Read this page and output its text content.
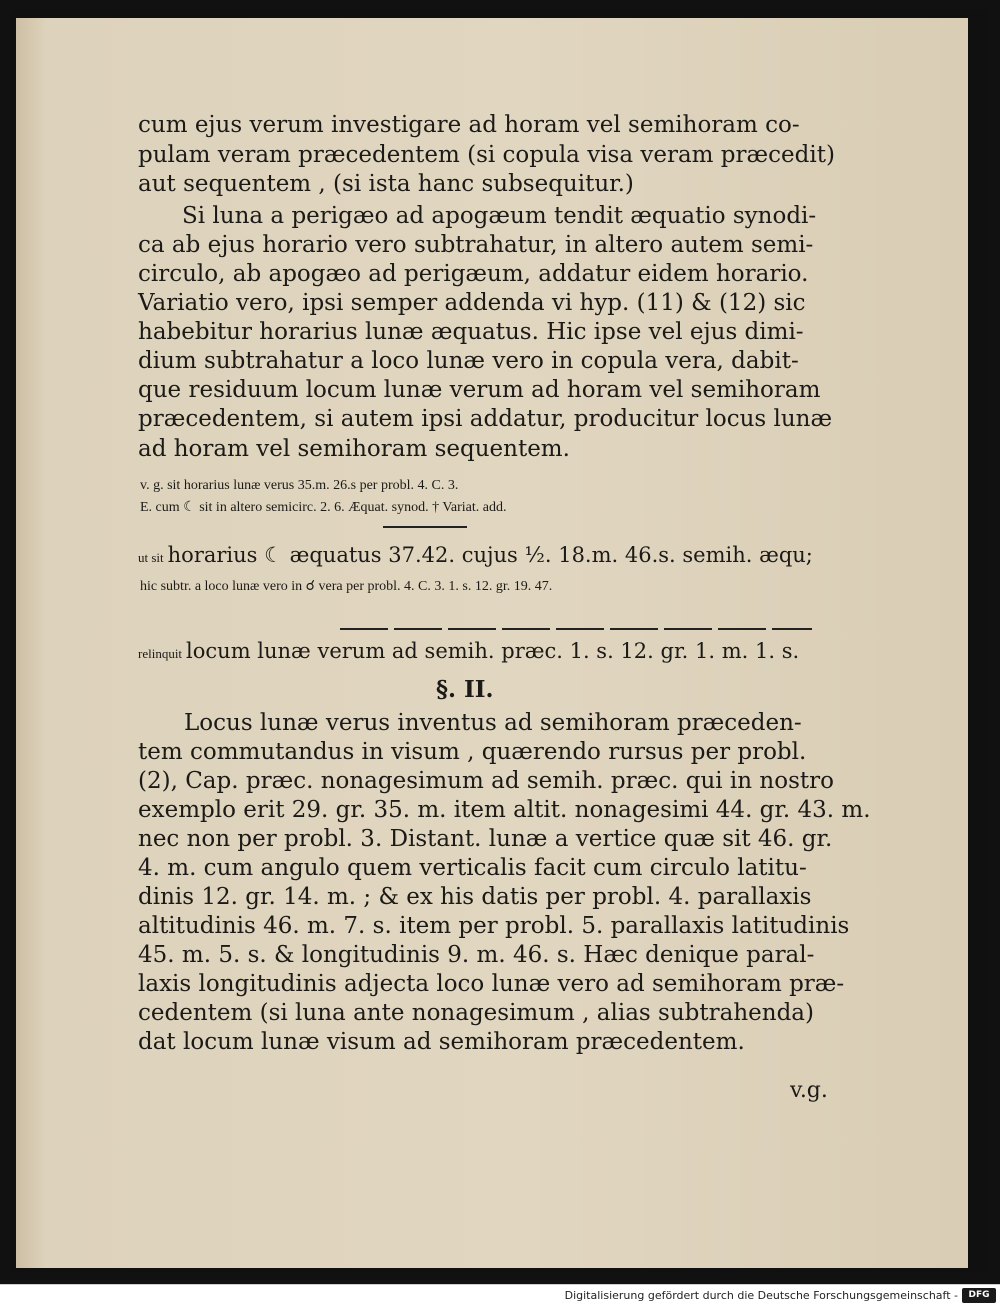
cum ejus verum investigare ad horam vel semihoram co-
pulam veram præcedentem (si copula visa veram præcedit)
aut sequentem , (si ista hanc subsequitur.)
Si luna a perigæo ad apogæum tendit æquatio synodi-
ca ab ejus horario vero subtrahatur, in altero autem semi-
circulo, ab apogæo ad perigæum, addatur eidem horario.
Variatio vero, ipsi semper addenda vi hyp. (11) & (12) sic
habebitur horarius lunæ æquatus. Hic ipse vel ejus dimi-
dium subtrahatur a loco lunæ vero in copula vera, dabit-
que residuum locum lunæ verum ad horam vel semihoram
præcedentem, si autem ipsi addatur, producitur locus lunæ
ad horam vel semihoram sequentem.
v. g. sit horarius lunæ verus 35.m. 26.s per probl. 4. C. 3.
E. cum ☾ sit in altero semicirc. 2. 6. Æquat. synod. † Variat. add.
ut sit horarius ☾ æquatus 37.42. cujus ½. 18.m. 46.s. semih. æqu;
hic subtr. a loco lunæ vero in ☌ vera per probl. 4. C. 3. 1. s. 12. gr. 19. 47.
relinquit locum lunæ verum ad semih. præc. 1. s. 12. gr. 1. m. 1. s.
§. II.
Locus lunæ verus inventus ad semihoram præceden-
tem commutandus in visum , quærendo rursus per probl.
(2), Cap. præc. nonagesimum ad semih. præc. qui in nostro
exemplo erit 29. gr. 35. m. item altit. nonagesimi 44. gr. 43. m.
nec non per probl. 3. Distant. lunæ a vertice quæ sit 46. gr.
4. m. cum angulo quem verticalis facit cum circulo latitu-
dinis 12. gr. 14. m. ; & ex his datis per probl. 4. parallaxis
altitudinis 46. m. 7. s. item per probl. 5. parallaxis latitudinis
45. m. 5. s. & longitudinis 9. m. 46. s. Hæc denique paral-
laxis longitudinis adjecta loco lunæ vero ad semihoram præ-
cedentem (si luna ante nonagesimum , alias subtrahenda)
dat locum lunæ visum ad semihoram præcedentem.
v.g.
Digitalisierung gefördert durch die Deutsche Forschungsgemeinschaft -	DFG
